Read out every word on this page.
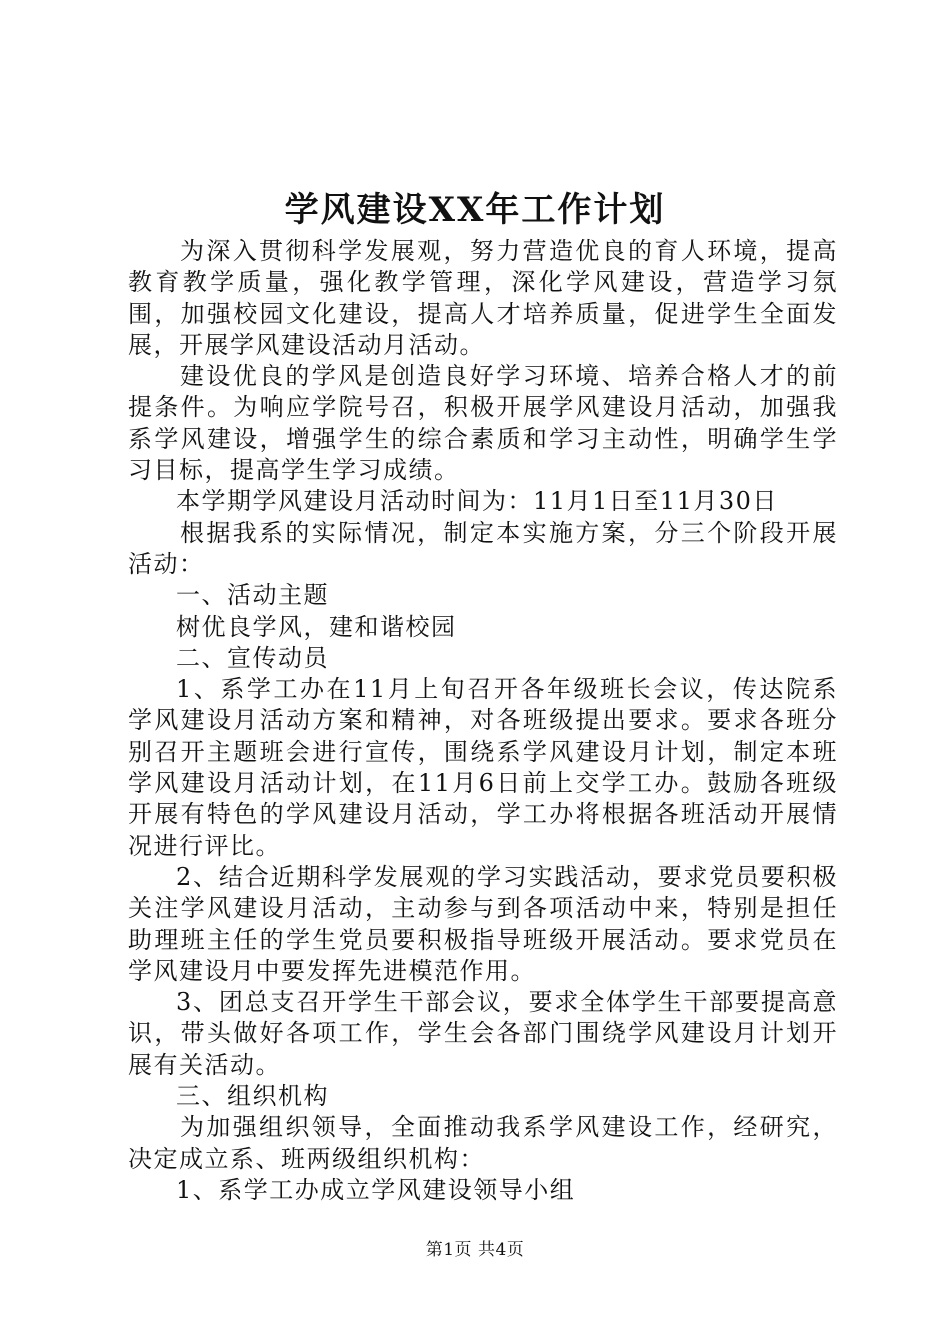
学风建设XX年工作计划

为深入贯彻科学发展观，努力营造优良的育人环境，提高教育教学质量，强化教学管理，深化学风建设，营造学习氛围，加强校园文化建设，提高人才培养质量，促进学生全面发展，开展学风建设活动月活动。

建设优良的学风是创造良好学习环境、培养合格人才的前提条件。为响应学院号召，积极开展学风建设月活动，加强我系学风建设，增强学生的综合素质和学习主动性，明确学生学习目标，提高学生学习成绩。

本学期学风建设月活动时间为：11月1日至11月30日

根据我系的实际情况，制定本实施方案，分三个阶段开展活动：

一、活动主题

树优良学风，建和谐校园

二、宣传动员

1、系学工办在11月上旬召开各年级班长会议，传达院系学风建设月活动方案和精神，对各班级提出要求。要求各班分别召开主题班会进行宣传，围绕系学风建设月计划，制定本班学风建设月活动计划，在11月6日前上交学工办。鼓励各班级开展有特色的学风建设月活动，学工办将根据各班活动开展情况进行评比。

2、结合近期科学发展观的学习实践活动，要求党员要积极关注学风建设月活动，主动参与到各项活动中来，特别是担任助理班主任的学生党员要积极指导班级开展活动。要求党员在学风建设月中要发挥先进模范作用。

3、团总支召开学生干部会议，要求全体学生干部要提高意识，带头做好各项工作，学生会各部门围绕学风建设月计划开展有关活动。

三、组织机构

为加强组织领导，全面推动我系学风建设工作，经研究，决定成立系、班两级组织机构：

1、系学工办成立学风建设领导小组

第1页 共4页
